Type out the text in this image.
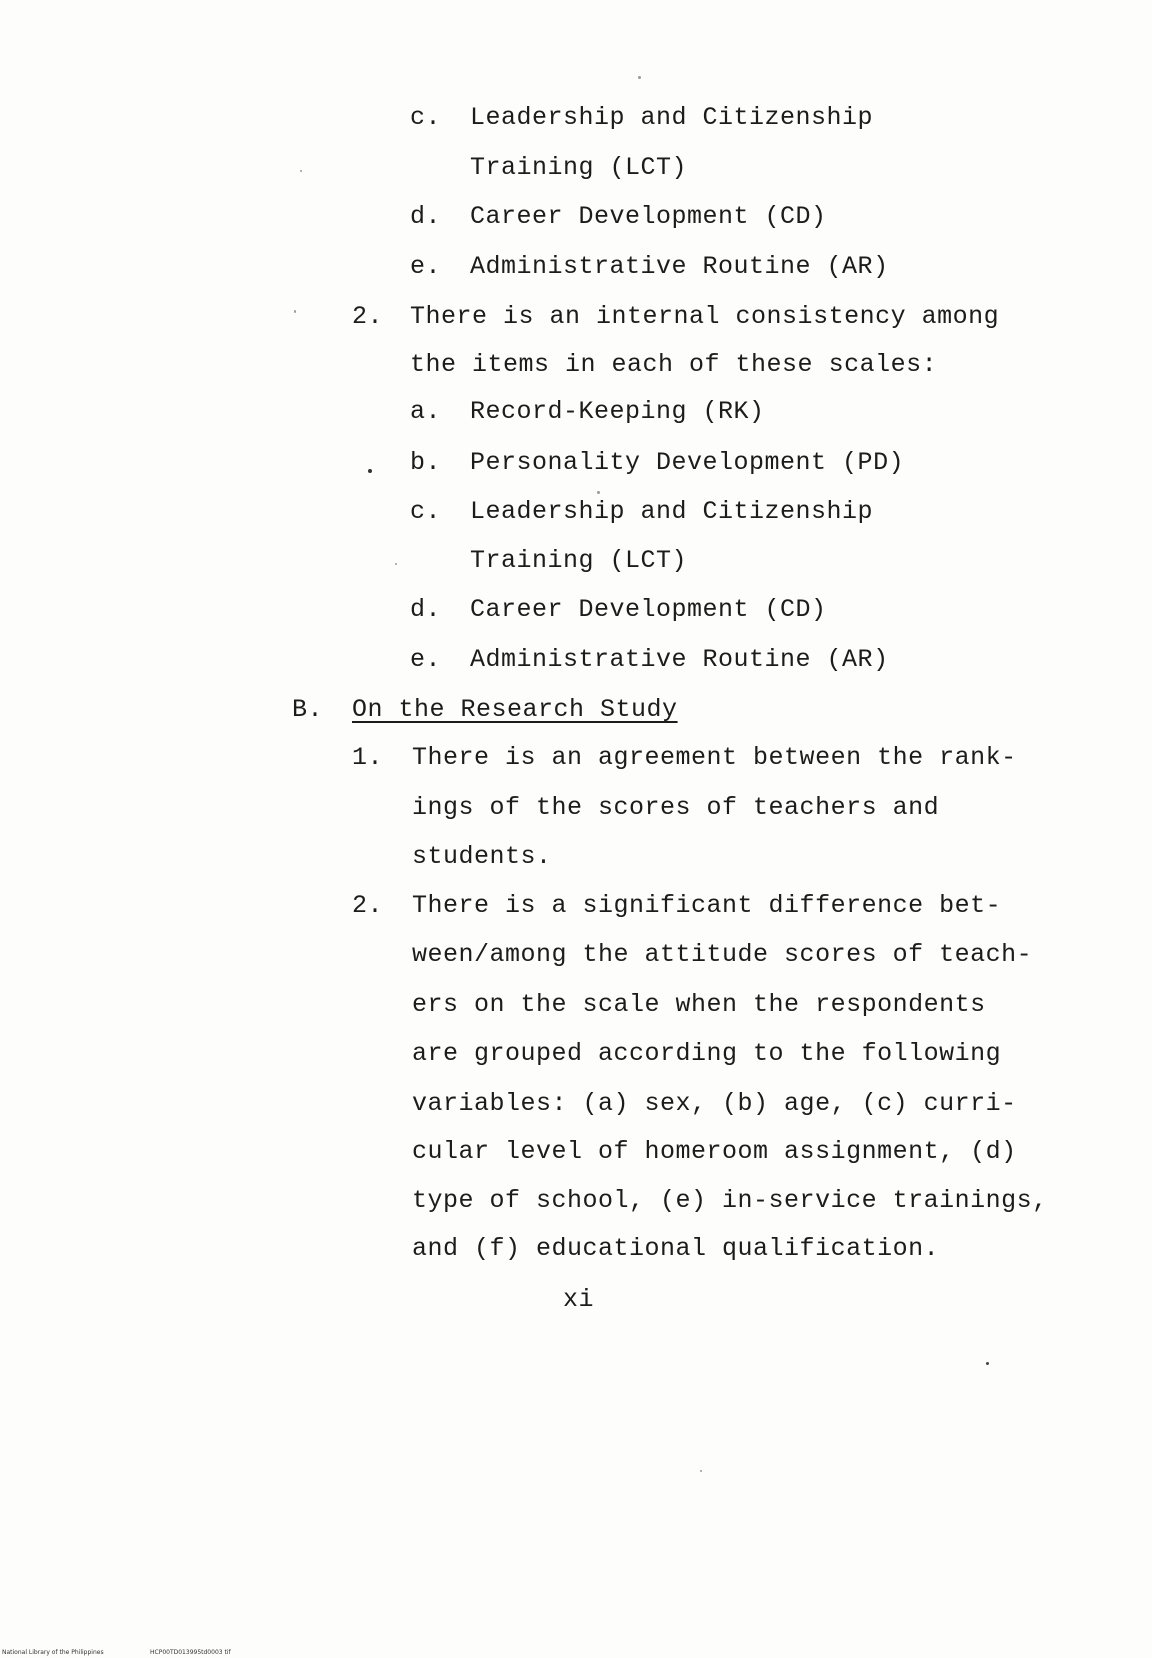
c. Leadership and Citizenship
Training (LCT)
d. Career Development (CD)
e. Administrative Routine (AR)
2. There is an internal consistency among
the items in each of these scales:
a. Record-Keeping (RK)
b. Personality Development (PD)
c. Leadership and Citizenship
Training (LCT)
d. Career Development (CD)
e. Administrative Routine (AR)
B. On the Research Study
1. There is an agreement between the rank-
ings of the scores of teachers and
students.
2. There is a significant difference bet-
ween/among the attitude scores of teach-
ers on the scale when the respondents
are grouped according to the following
variables: (a) sex, (b) age, (c) curri-
cular level of homeroom assignment, (d)
type of school, (e) in-service trainings,
and (f) educational qualification.
xi
National Library of the Philippines	HCP00TD013995td0003 tif
